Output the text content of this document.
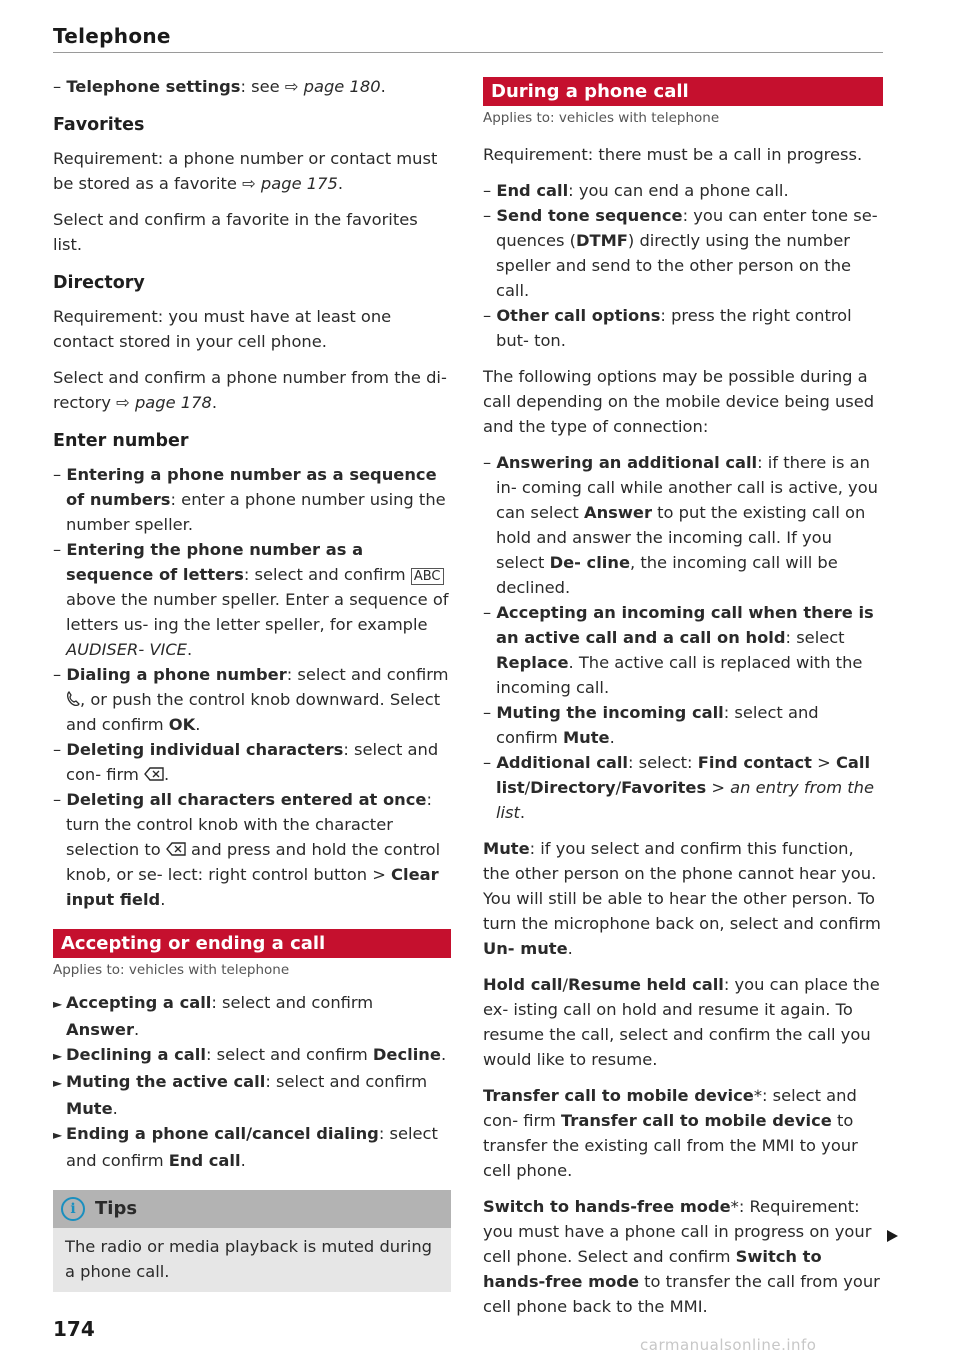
Telephone

– Telephone settings: see ⇨ page 180.

Favorites

Requirement: a phone number or contact must be stored as a favorite ⇨ page 175.

Select and confirm a favorite in the favorites list.

Directory

Requirement: you must have at least one contact stored in your cell phone.

Select and confirm a phone number from the di- rectory ⇨ page 178.

Enter number

– Entering a phone number as a sequence of numbers: enter a phone number using the number speller.

– Entering the phone number as a sequence of letters: select and confirm ABC above the number speller. Enter a sequence of letters us- ing the letter speller, for example AUDISER- VICE.

– Dialing a phone number: select and confirm , or push the control knob downward. Select and confirm OK.

– Deleting individual characters: select and con- firm .

– Deleting all characters entered at once: turn the control knob with the character selection to  and press and hold the control knob, or se- lect: right control button > Clear input field.

Accepting or ending a call
Applies to: vehicles with telephone

► Accepting a call: select and confirm Answer.

► Declining a call: select and confirm Decline.

► Muting the active call: select and confirm Mute.

► Ending a phone call/cancel dialing: select and confirm End call.

i Tips

The radio or media playback is muted during a phone call.

During a phone call
Applies to: vehicles with telephone

Requirement: there must be a call in progress.

– End call: you can end a phone call.

– Send tone sequence: you can enter tone se- quences (DTMF) directly using the number speller and send to the other person on the call.

– Other call options: press the right control but- ton.

The following options may be possible during a call depending on the mobile device being used and the type of connection:

– Answering an additional call: if there is an in- coming call while another call is active, you can select Answer to put the existing call on hold and answer the incoming call. If you select De- cline, the incoming call will be declined.

– Accepting an incoming call when there is an active call and a call on hold: select Replace. The active call is replaced with the incoming call.

– Muting the incoming call: select and confirm Mute.

– Additional call: select: Find contact > Call list/Directory/Favorites > an entry from the list.

Mute: if you select and confirm this function, the other person on the phone cannot hear you. You will still be able to hear the other person. To turn the microphone back on, select and confirm Un- mute.

Hold call/Resume held call: you can place the ex- isting call on hold and resume it again. To resume the call, select and confirm the call you would like to resume.

Transfer call to mobile device*: select and con- firm Transfer call to mobile device to transfer the existing call from the MMI to your cell phone.

Switch to hands-free mode*: Requirement: you must have a phone call in progress on your cell phone. Select and confirm Switch to hands-free mode to transfer the call from your cell phone back to the MMI.

174
carmanualsonline.info
